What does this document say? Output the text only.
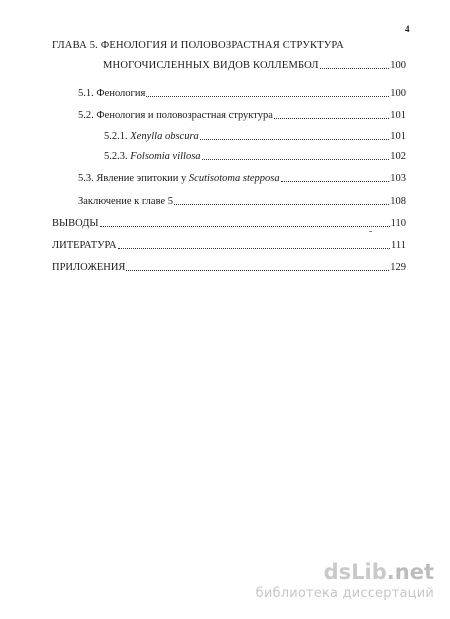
4
ГЛАВА 5. ФЕНОЛОГИЯ И ПОЛОВОЗРАСТНАЯ СТРУКТУРА
МНОГОЧИСЛЕННЫХ ВИДОВ КОЛЛЕМБОЛ	100
5.1. Фенология	100
5.2. Фенология и половозрастная структура	101
5.2.1. Xenylla obscura	101
5.2.3. Folsomia villosa	102
5.3. Явление эпитокии у Scutisotoma stepposa	103
Заключение к главе 5	108
ВЫВОДЫ	110
ЛИТЕРАТУРА	111
ПРИЛОЖЕНИЯ	129
dsLib.net
библиотека диссертаций
